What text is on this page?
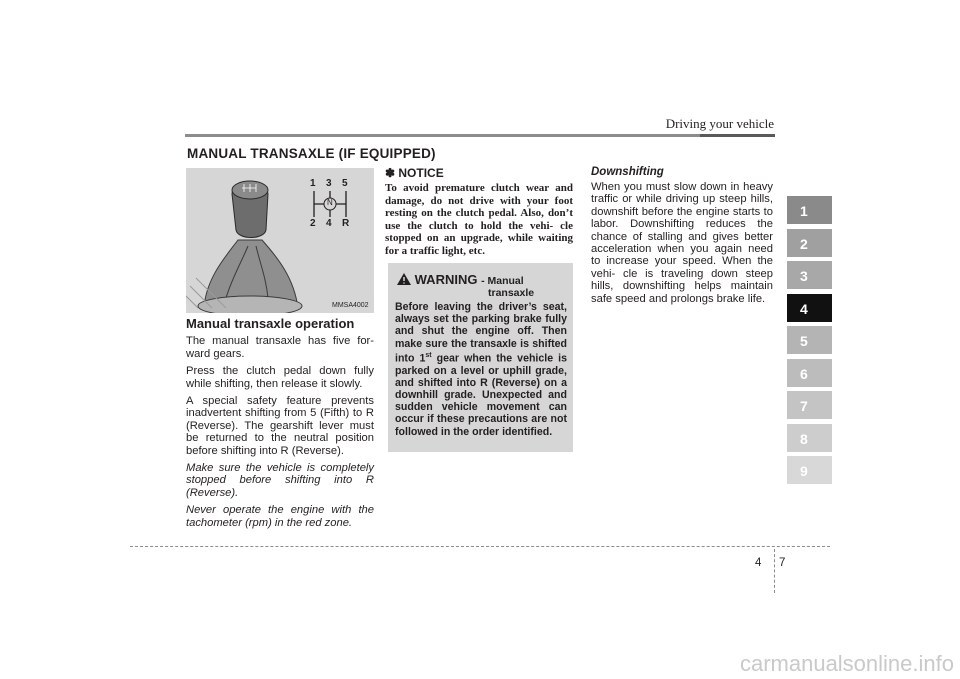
Driving your vehicle
MANUAL TRANSAXLE (IF EQUIPPED)
1 3 5
N
2 4 R
MMSA4002
Manual transaxle operation

The manual transaxle has five for- ward gears.

Press the clutch pedal down fully while shifting, then release it slowly.

A special safety feature prevents inadvertent shifting from 5 (Fifth) to R (Reverse). The gearshift lever must be returned to the neutral position before shifting into R (Reverse).

Make sure the vehicle is completely stopped before shifting into R (Reverse).

Never operate the engine with the tachometer (rpm) in the red zone.

✽ NOTICE
To avoid premature clutch wear and damage, do not drive with your foot resting on the clutch pedal. Also, don’t use the clutch to hold the vehi- cle stopped on an upgrade, while waiting for a traffic light, etc.
WARNING - Manual
transaxle
Before leaving the driver’s seat, always set the parking brake fully and shut the engine off. Then make sure the transaxle is shifted into 1st gear when the vehicle is parked on a level or uphill grade, and shifted into R (Reverse) on a downhill grade. Unexpected and sudden vehicle movement can occur if these precautions are not followed in the order identified.
Downshifting
When you must slow down in heavy traffic or while driving up steep hills, downshift before the engine starts to labor. Downshifting reduces the chance of stalling and gives better acceleration when you again need to increase your speed. When the vehi- cle is traveling down steep hills, downshifting helps maintain safe speed and prolongs brake life.
1
2
3
4
5
6
7
8
9
4 7
carmanualsonline.info
